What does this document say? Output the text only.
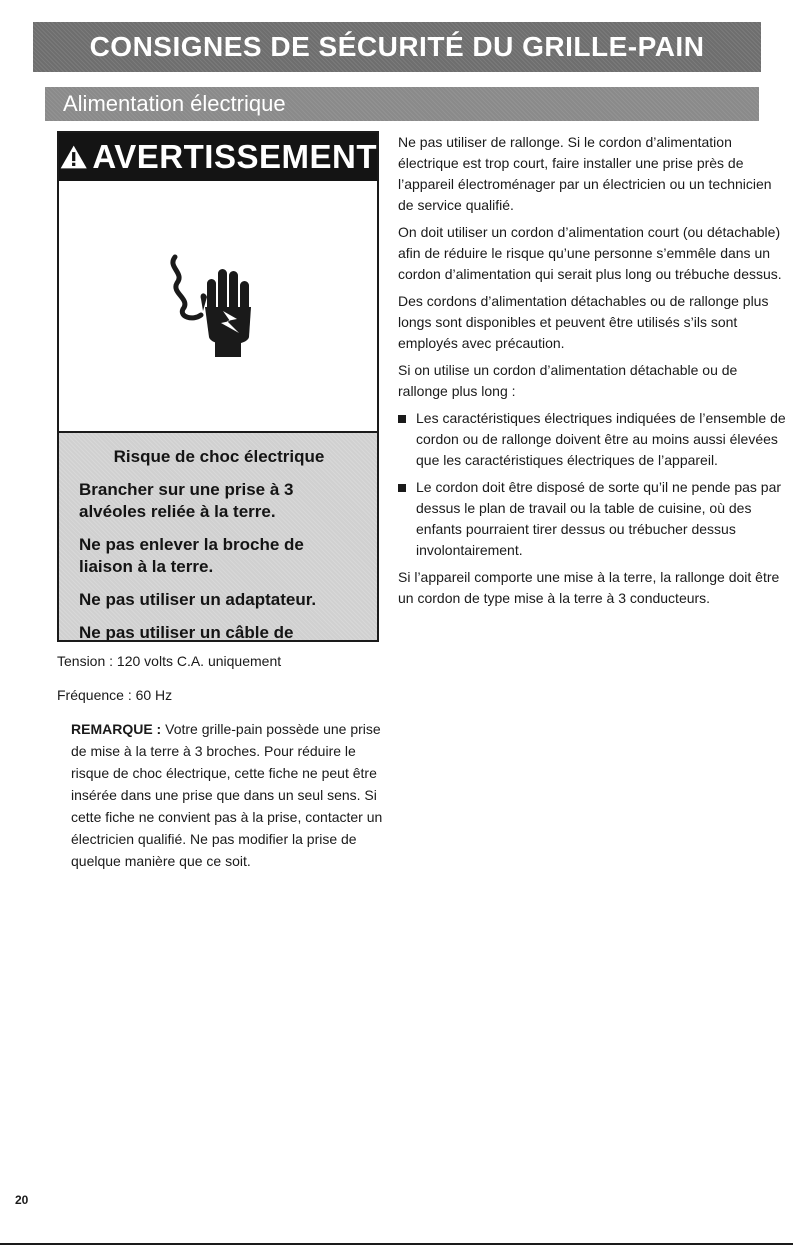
CONSIGNES DE SÉCURITÉ DU GRILLE-PAIN
Alimentation électrique
AVERTISSEMENT

Risque de choc électrique

Brancher sur une prise à 3 alvéoles reliée à la terre.

Ne pas enlever la broche de liaison à la terre.

Ne pas utiliser un adaptateur.

Ne pas utiliser un câble de

Tension : 120 volts C.A. uniquement

Fréquence : 60 Hz

REMARQUE : Votre grille-pain possède une prise de mise à la terre à 3 broches. Pour réduire le risque de choc électrique, cette fiche ne peut être insérée dans une prise que dans un seul sens. Si cette fiche ne convient pas à la prise, contacter un électricien qualifié. Ne pas modifier la prise de quelque manière que ce soit.

Ne pas utiliser de rallonge. Si le cordon d’alimentation électrique est trop court, faire installer une prise près de l’appareil électroménager par un électricien ou un technicien de service qualifié.

On doit utiliser un cordon d’alimentation court (ou détachable) afin de réduire le risque qu’une personne s’emmêle dans un cordon d’alimentation qui serait plus long ou trébuche dessus.

Des cordons d’alimentation détachables ou de rallonge plus longs sont disponibles et peuvent être utilisés s’ils sont employés avec précaution.

Si on utilise un cordon d’alimentation détachable ou de rallonge plus long :

Les caractéristiques électriques indiquées de l’ensemble de cordon ou de rallonge doivent être au moins aussi élevées que les caractéristiques électriques de l’appareil.
Le cordon doit être disposé de sorte qu’il ne pende pas par dessus le plan de travail ou la table de cuisine, où des enfants pourraient tirer dessus ou trébucher dessus involontairement.

Si l’appareil comporte une mise à la terre, la rallonge doit être un cordon de type mise à la terre à 3 conducteurs.

20
